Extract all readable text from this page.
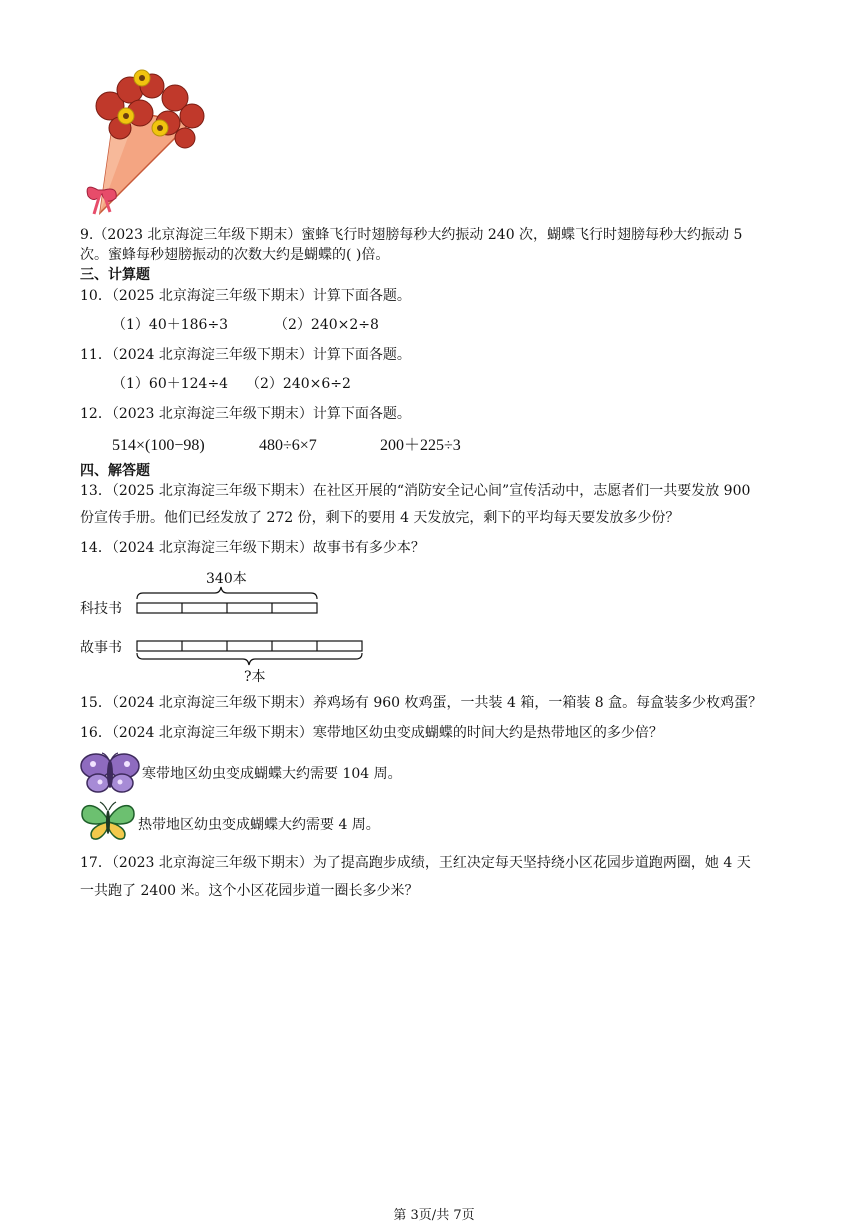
9.（2023 北京海淀三年级下期末）蜜蜂飞行时翅膀每秒大约振动 240 次，蝴蝶飞行时翅膀每秒大约振动 5
次。蜜蜂每秒翅膀振动的次数大约是蝴蝶的( )倍。
三、计算题
10．（2025 北京海淀三年级下期末）计算下面各题。
（1）40＋186÷3	（2）240×2÷8
11．（2024 北京海淀三年级下期末）计算下面各题。
（1）60＋124÷4 （2）240×6÷2
12．（2023 北京海淀三年级下期末）计算下面各题。
514×(100−98)	480÷6×7	200＋225÷3
四、解答题
13．（2025 北京海淀三年级下期末）在社区开展的“消防安全记心间”宣传活动中，志愿者们一共要发放 900
份宣传手册。他们已经发放了 272 份，剩下的要用 4 天发放完，剩下的平均每天要发放多少份？
14．（2024 北京海淀三年级下期末）故事书有多少本？
340本
科技书
故事书
?本
15．（2024 北京海淀三年级下期末）养鸡场有 960 枚鸡蛋，一共装 4 箱，一箱装 8 盒。每盒装多少枚鸡蛋？
16．（2024 北京海淀三年级下期末）寒带地区幼虫变成蝴蝶的时间大约是热带地区的多少倍？
寒带地区幼虫变成蝴蝶大约需要 104 周。
热带地区幼虫变成蝴蝶大约需要 4 周。
17．（2023 北京海淀三年级下期末）为了提高跑步成绩，王红决定每天坚持绕小区花园步道跑两圈，她 4 天
一共跑了 2400 米。这个小区花园步道一圈长多少米？
第 3页/共 7页
